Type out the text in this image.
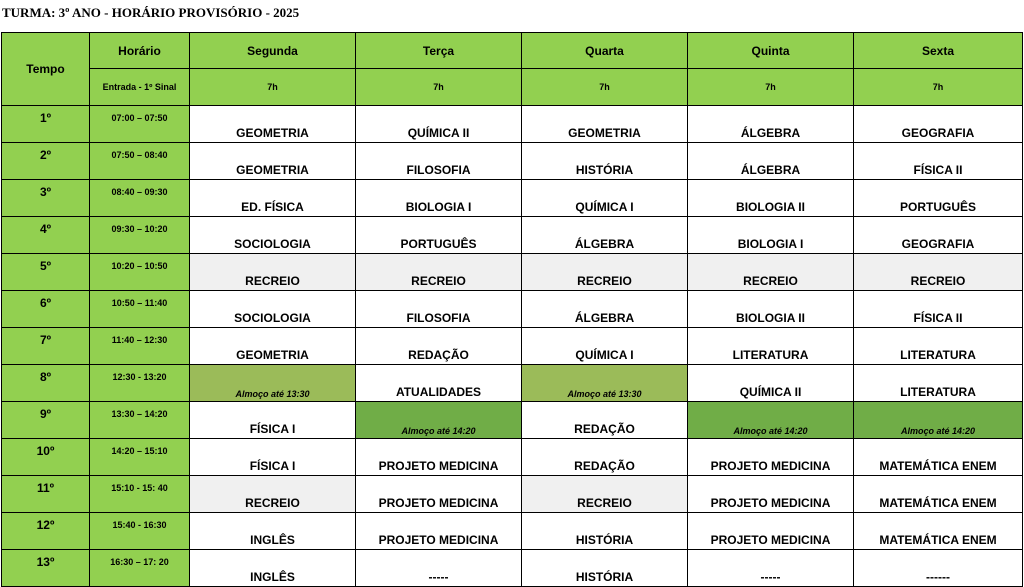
TURMA: 3º ANO - HORÁRIO PROVISÓRIO - 2025
Tempo	Horário	Segunda	Terça	Quarta	Quinta	Sexta
	Entrada - 1º Sinal	7h	7h	7h	7h	7h
1º	07:00 – 07:50	GEOMETRIA	QUÍMICA II	GEOMETRIA	ÁLGEBRA	GEOGRAFIA
2º	07:50 – 08:40	GEOMETRIA	FILOSOFIA	HISTÓRIA	ÁLGEBRA	FÍSICA II
3º	08:40 – 09:30	ED. FÍSICA	BIOLOGIA I	QUÍMICA I	BIOLOGIA II	PORTUGUÊS
4º	09:30 – 10:20	SOCIOLOGIA	PORTUGUÊS	ÁLGEBRA	BIOLOGIA I	GEOGRAFIA
5º	10:20 – 10:50	RECREIO	RECREIO	RECREIO	RECREIO	RECREIO
6º	10:50 – 11:40	SOCIOLOGIA	FILOSOFIA	ÁLGEBRA	BIOLOGIA II	FÍSICA II
7º	11:40 – 12:30	GEOMETRIA	REDAÇÃO	QUÍMICA I	LITERATURA	LITERATURA
8º	12:30 - 13:20	Almoço até 13:30	ATUALIDADES	Almoço até 13:30	QUÍMICA II	LITERATURA
9º	13:30 – 14:20	FÍSICA I	Almoço até 14:20	REDAÇÃO	Almoço até 14:20	Almoço até 14:20
10º	14:20 – 15:10	FÍSICA I	PROJETO MEDICINA	REDAÇÃO	PROJETO MEDICINA	MATEMÁTICA ENEM
11º	15:10 - 15: 40	RECREIO	PROJETO MEDICINA	RECREIO	PROJETO MEDICINA	MATEMÁTICA ENEM
12º	15:40 - 16:30	INGLÊS	PROJETO MEDICINA	HISTÓRIA	PROJETO MEDICINA	MATEMÁTICA ENEM
13º	16:30 – 17: 20	INGLÊS	-----	HISTÓRIA	-----	------
